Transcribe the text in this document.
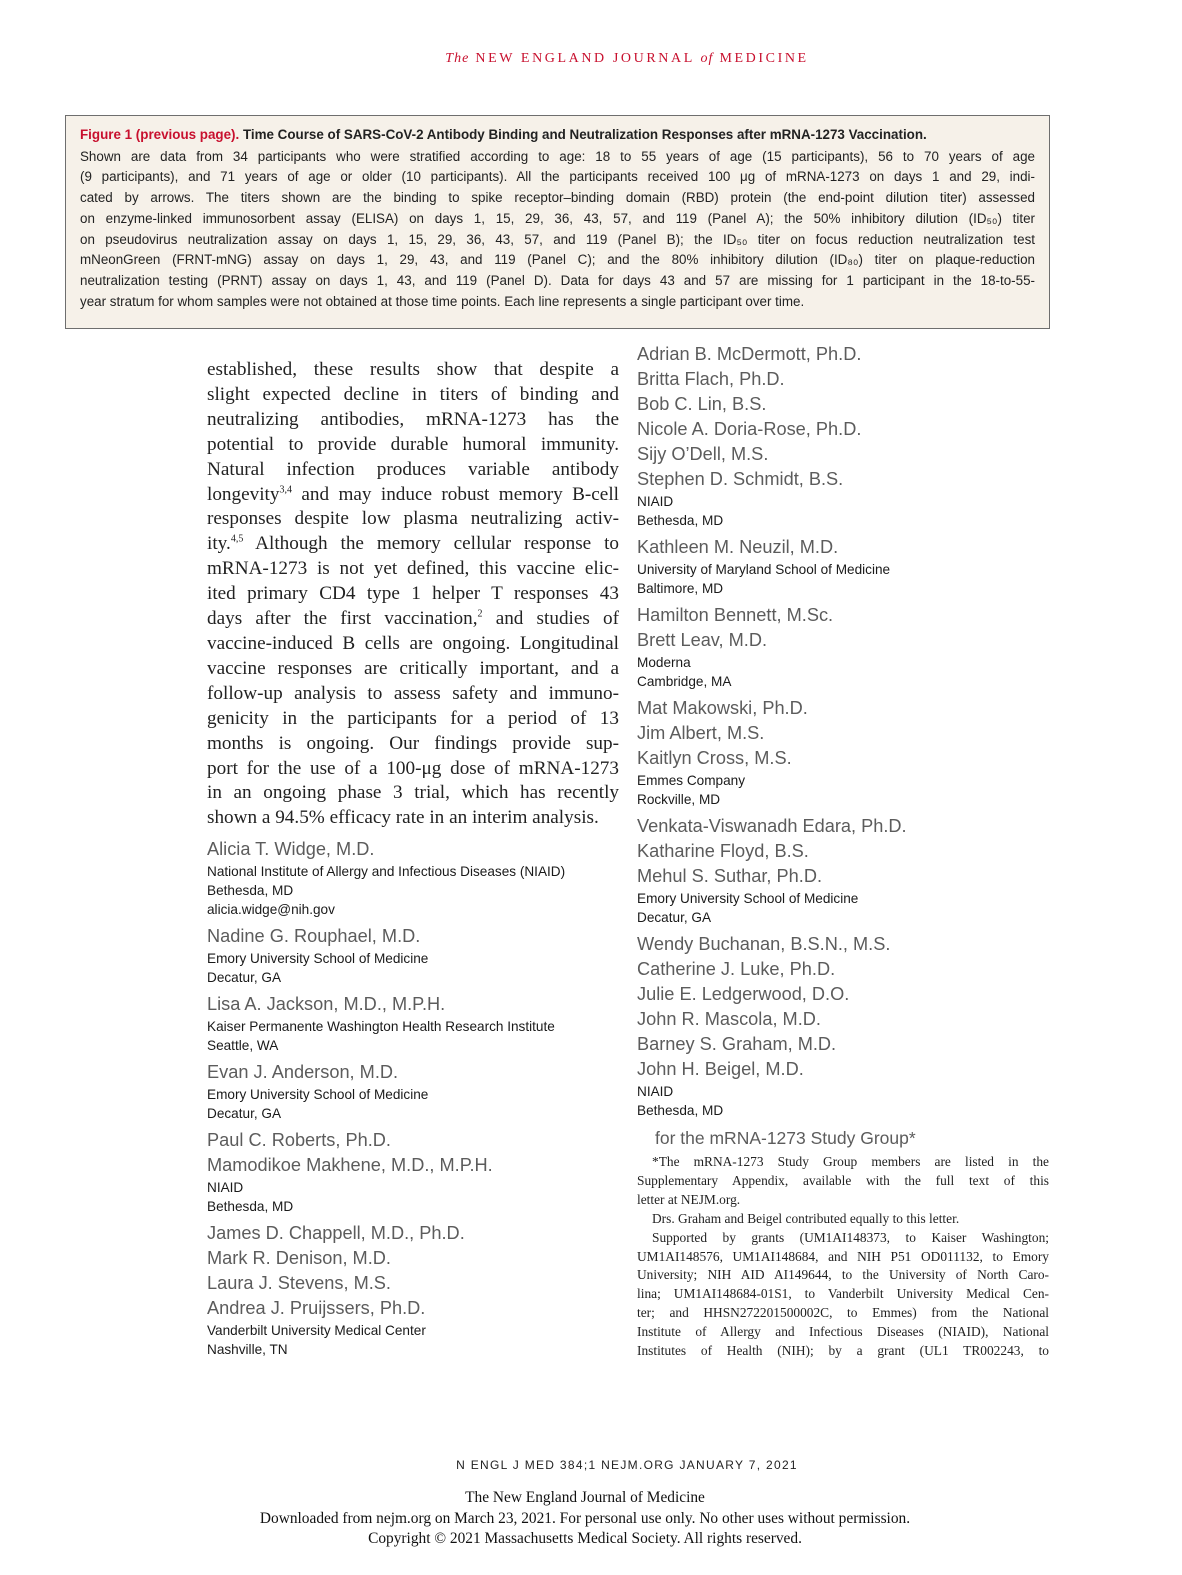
The NEW ENGLAND JOURNAL of MEDICINE

Figure 1 (previous page). Time Course of SARS-CoV-2 Antibody Binding and Neutralization Responses after mRNA-1273 Vaccination.

Shown are data from 34 participants who were stratified according to age: 18 to 55 years of age (15 participants), 56 to 70 years of age
(9 participants), and 71 years of age or older (10 participants). All the participants received 100 μg of mRNA-1273 on days 1 and 29, indi-
cated by arrows. The titers shown are the binding to spike receptor–binding domain (RBD) protein (the end-point dilution titer) assessed
on enzyme-linked immunosorbent assay (ELISA) on days 1, 15, 29, 36, 43, 57, and 119 (Panel A); the 50% inhibitory dilution (ID₅₀) titer
on pseudovirus neutralization assay on days 1, 15, 29, 36, 43, 57, and 119 (Panel B); the ID₅₀ titer on focus reduction neutralization test
mNeonGreen (FRNT-mNG) assay on days 1, 29, 43, and 119 (Panel C); and the 80% inhibitory dilution (ID₈₀) titer on plaque-reduction
neutralization testing (PRNT) assay on days 1, 43, and 119 (Panel D). Data for days 43 and 57 are missing for 1 participant in the 18-to-55-
year stratum for whom samples were not obtained at those time points. Each line represents a single participant over time.

established, these results show that despite a
slight expected decline in titers of binding and
neutralizing antibodies, mRNA-1273 has the
potential to provide durable humoral immunity.
Natural infection produces variable antibody
longevity$^{3,4}$ and may induce robust memory B-cell
responses despite low plasma neutralizing activ-
ity.$^{4,5}$ Although the memory cellular response to
mRNA-1273 is not yet defined, this vaccine elic-
ited primary CD4 type 1 helper T responses 43
days after the first vaccination,$^2$ and studies of
vaccine-induced B cells are ongoing. Longitudinal
vaccine responses are critically important, and a
follow-up analysis to assess safety and immuno-
genicity in the participants for a period of 13
months is ongoing. Our findings provide sup-
port for the use of a 100-μg dose of mRNA-1273
in an ongoing phase 3 trial, which has recently
shown a 94.5% efficacy rate in an interim analysis.
Alicia T. Widge, M.D.
National Institute of Allergy and Infectious Diseases (NIAID)
Bethesda, MD
alicia.widge@nih.gov
Nadine G. Rouphael, M.D.
Emory University School of Medicine
Decatur, GA
Lisa A. Jackson, M.D., M.P.H.
Kaiser Permanente Washington Health Research Institute
Seattle, WA
Evan J. Anderson, M.D.
Emory University School of Medicine
Decatur, GA
Paul C. Roberts, Ph.D.
Mamodikoe Makhene, M.D., M.P.H.
NIAID
Bethesda, MD
James D. Chappell, M.D., Ph.D.
Mark R. Denison, M.D.
Laura J. Stevens, M.S.
Andrea J. Pruijssers, Ph.D.
Vanderbilt University Medical Center
Nashville, TN
Adrian B. McDermott, Ph.D.
Britta Flach, Ph.D.
Bob C. Lin, B.S.
Nicole A. Doria-Rose, Ph.D.
Sijy O’Dell, M.S.
Stephen D. Schmidt, B.S.
NIAID
Bethesda, MD
Kathleen M. Neuzil, M.D.
University of Maryland School of Medicine
Baltimore, MD
Hamilton Bennett, M.Sc.
Brett Leav, M.D.
Moderna
Cambridge, MA
Mat Makowski, Ph.D.
Jim Albert, M.S.
Kaitlyn Cross, M.S.
Emmes Company
Rockville, MD
Venkata-Viswanadh Edara, Ph.D.
Katharine Floyd, B.S.
Mehul S. Suthar, Ph.D.
Emory University School of Medicine
Decatur, GA
Wendy Buchanan, B.S.N., M.S.
Catherine J. Luke, Ph.D.
Julie E. Ledgerwood, D.O.
John R. Mascola, M.D.
Barney S. Graham, M.D.
John H. Beigel, M.D.
NIAID
Bethesda, MD
for the mRNA-1273 Study Group*
*The mRNA-1273 Study Group members are listed in the
Supplementary Appendix, available with the full text of this
letter at NEJM.org.
Drs. Graham and Beigel contributed equally to this letter.
Supported by grants (UM1AI148373, to Kaiser Washington;
UM1AI148576, UM1AI148684, and NIH P51 OD011132, to Emory
University; NIH AID AI149644, to the University of North Caro-
lina; UM1AI148684-01S1, to Vanderbilt University Medical Cen-
ter; and HHSN272201500002C, to Emmes) from the National
Institute of Allergy and Infectious Diseases (NIAID), National
Institutes of Health (NIH); by a grant (UL1 TR002243, to
N ENGL J MED 384;1 NEJM.ORG JANUARY 7, 2021
The New England Journal of Medicine
Downloaded from nejm.org on March 23, 2021. For personal use only. No other uses without permission.
Copyright © 2021 Massachusetts Medical Society. All rights reserved.
